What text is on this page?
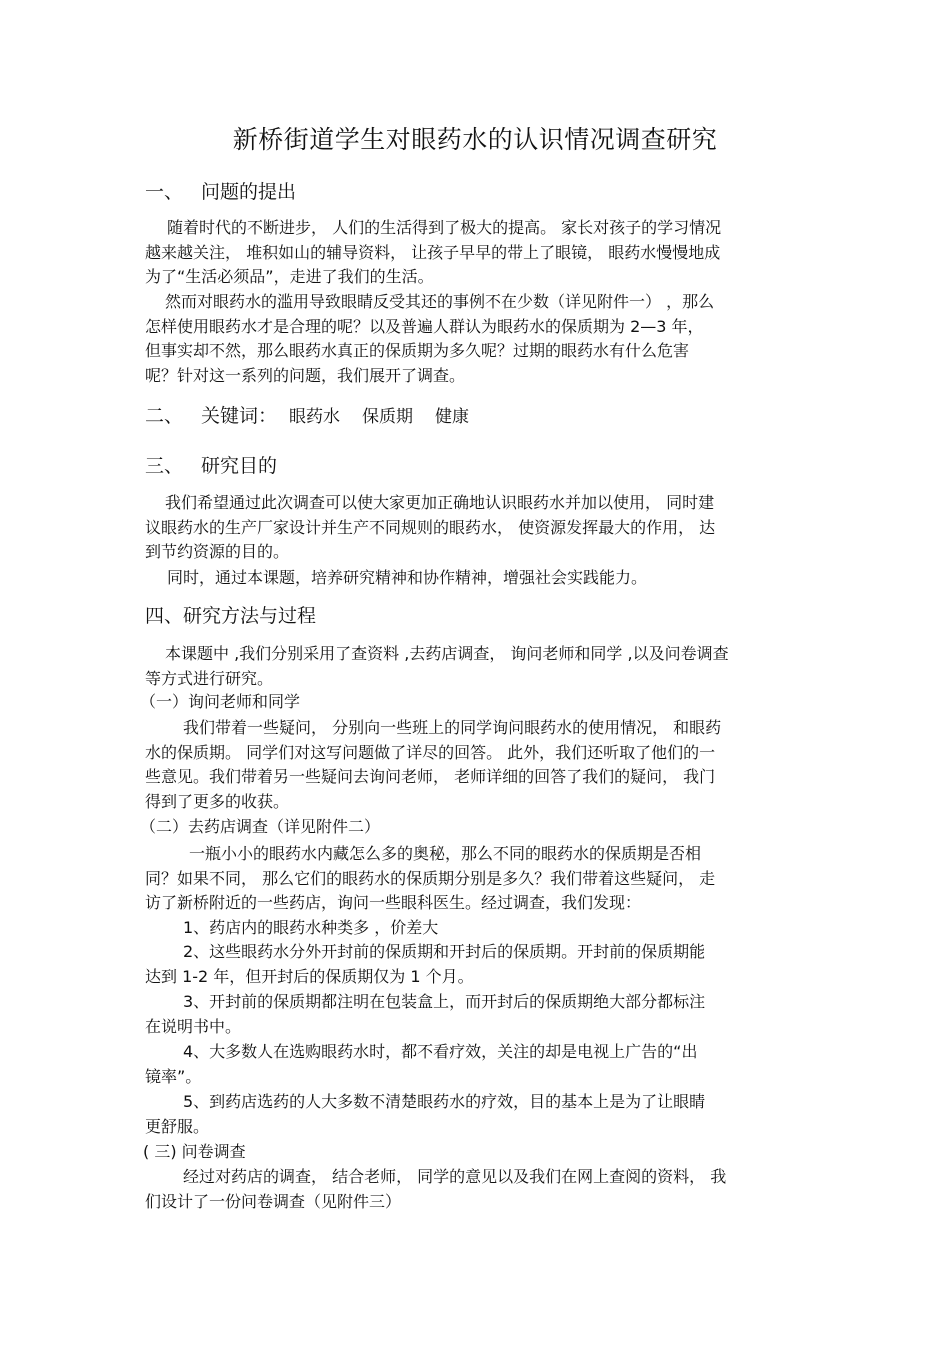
新桥街道学生对眼药水的认识情况调查研究
一、 问题的提出
随着时代的不断进步， 人们的生活得到了极大的提高。 家长对孩子的学习情况
越来越关注， 堆积如山的辅导资料， 让孩子早早的带上了眼镜， 眼药水慢慢地成
为了“生活必须品”，走进了我们的生活。
然而对眼药水的滥用导致眼睛反受其还的事例不在少数（详见附件一） ，那么
怎样使用眼药水才是合理的呢？以及普遍人群认为眼药水的保质期为 2—3 年，
但事实却不然，那么眼药水真正的保质期为多久呢？过期的眼药水有什么危害
呢？针对这一系列的问题，我们展开了调查。
二、 关键词： 眼药水 保质期 健康
三、 研究目的
我们希望通过此次调查可以使大家更加正确地认识眼药水并加以使用， 同时建
议眼药水的生产厂家设计并生产不同规则的眼药水， 使资源发挥最大的作用， 达
到节约资源的目的。
同时，通过本课题，培养研究精神和协作精神，增强社会实践能力。
四、研究方法与过程
本课题中 ,我们分别采用了查资料 ,去药店调查， 询问老师和同学 ,以及问卷调查
等方式进行研究。
（一）询问老师和同学
我们带着一些疑问， 分别向一些班上的同学询问眼药水的使用情况， 和眼药
水的保质期。 同学们对这写问题做了详尽的回答。 此外，我们还听取了他们的一
些意见。我们带着另一些疑问去询问老师， 老师详细的回答了我们的疑问， 我门
得到了更多的收获。
（二）去药店调查（详见附件二）
一瓶小小的眼药水内藏怎么多的奥秘，那么不同的眼药水的保质期是否相
同？如果不同， 那么它们的眼药水的保质期分别是多久？我们带着这些疑问， 走
访了新桥附近的一些药店，询问一些眼科医生。经过调查，我们发现：
1、药店内的眼药水种类多 ，价差大
2、这些眼药水分外开封前的保质期和开封后的保质期。开封前的保质期能
达到 1-2 年，但开封后的保质期仅为 1 个月。
3、开封前的保质期都注明在包装盒上，而开封后的保质期绝大部分都标注
在说明书中。
4、大多数人在选购眼药水时，都不看疗效，关注的却是电视上广告的“出
镜率”。
5、到药店选药的人大多数不清楚眼药水的疗效，目的基本上是为了让眼睛
更舒服。
( 三) 问卷调查
经过对药店的调查， 结合老师， 同学的意见以及我们在网上查阅的资料， 我
们设计了一份问卷调查（见附件三）
